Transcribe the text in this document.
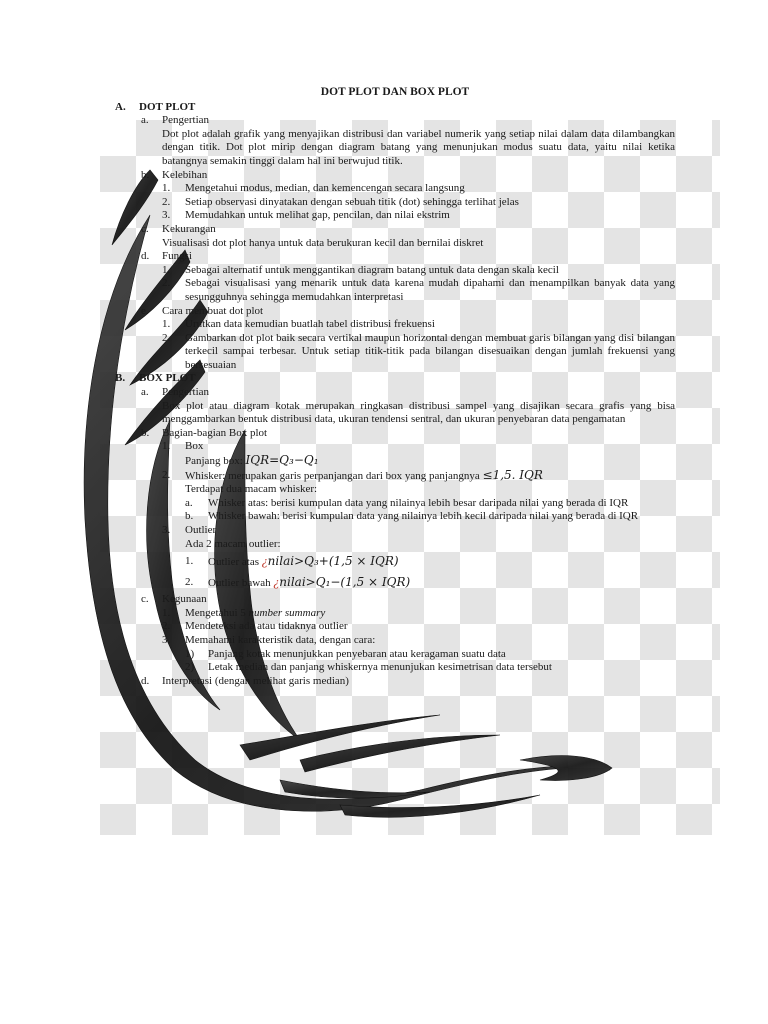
DOT PLOT DAN BOX PLOT
A. DOT PLOT
a. Pengertian
Dot plot adalah grafik yang menyajikan distribusi dan variabel numerik yang setiap nilai dalam data dilambangkan dengan titik. Dot plot mirip dengan diagram batang yang menunjukan modus suatu data, yaitu nilai ketika batangnya semakin tinggi dalam hal ini berwujud titik.
b. Kelebihan
1. Mengetahui modus, median, dan kemencengan secara langsung
2. Setiap observasi dinyatakan dengan sebuah titik (dot) sehingga terlihat jelas
3. Memudahkan untuk melihat gap, pencilan, dan nilai ekstrim
c. Kekurangan
Visualisasi dot plot hanya untuk data berukuran kecil dan bernilai diskret
d. Fungsi
1. Sebagai alternatif untuk menggantikan diagram batang untuk data dengan skala kecil
2. Sebagai visualisasi yang menarik untuk data karena mudah dipahami dan menampilkan banyak data yang sesungguhnya sehingga memudahkan interpretasi
e. Cara membuat dot plot
1. Urutkan data kemudian buatlah tabel distribusi frekuensi
2. Gambarkan dot plot baik secara vertikal maupun horizontal dengan membuat garis bilangan yang disi bilangan terkecil sampai terbesar. Untuk setiap titik-titik pada bilangan disesuaikan dengan jumlah frekuensi yang bersesuaian
B. BOX PLOT
a. Pengertian
Box plot atau diagram kotak merupakan ringkasan distribusi sampel yang disajikan secara grafis yang bisa menggambarkan bentuk distribusi data, ukuran tendensi sentral, dan ukuran penyebaran data pengamatan
b. Bagian-bagian Box plot
1. Box
Panjang box: IQR=Q₃−Q₁
2. Whisker: merupakan garis perpanjangan dari box yang panjangnya ≤1,5. IQR
Terdapat dua macam whisker:
a. Whisker atas: berisi kumpulan data yang nilainya lebih besar daripada nilai yang berada di IQR
b. Whisker bawah: berisi kumpulan data yang nilainya lebih kecil daripada nilai yang berada di IQR
3. Outlier
Ada 2 macam outlier:
1. Outlier atas ¿nilai>Q₃+(1,5 × IQR)
2. Outlier bawah ¿nilai>Q₁−(1,5 × IQR)
c. Kegunaan
1. Mengetahui 5 number summary
2. Mendeteksi ada atau tidaknya outlier
3. Memahami karakteristik data, dengan cara:
1) Panjang kotak menunjukkan penyebaran atau keragaman suatu data
2) Letak median dan panjang whiskernya menunjukan kesimetrisan data tersebut
d. Interpretasi (dengan melihat garis median)
